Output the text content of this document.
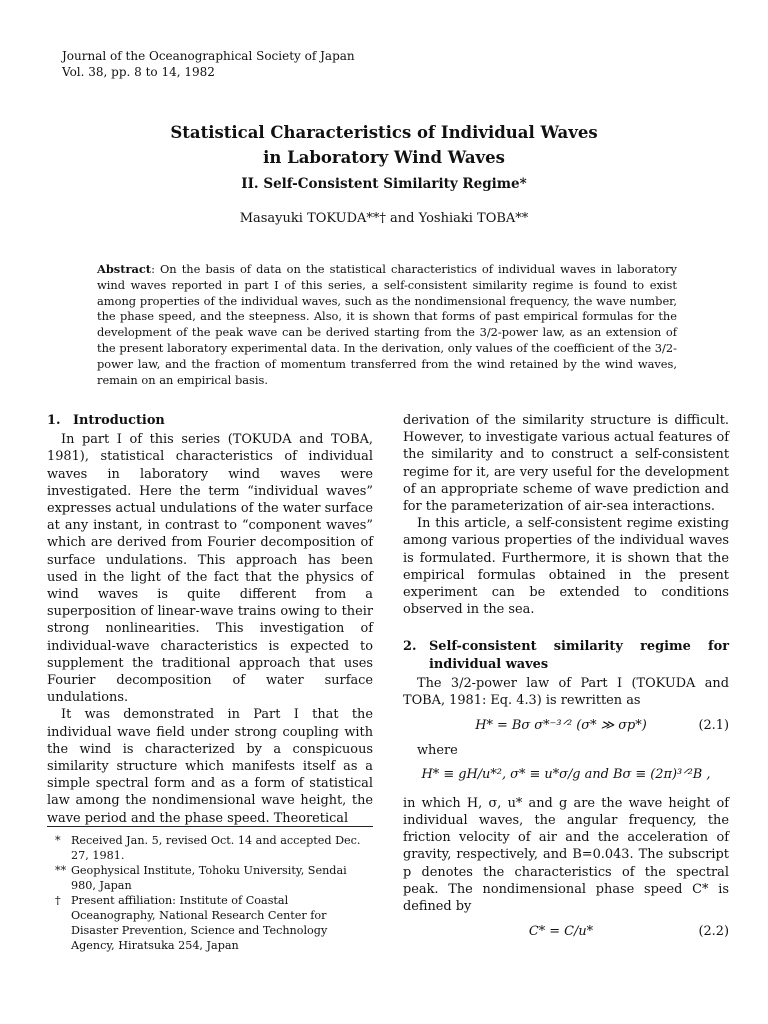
Journal of the Oceanographical Society of Japan
Vol. 38, pp. 8 to 14, 1982
Statistical Characteristics of Individual Waves
in Laboratory Wind Waves
II. Self-Consistent Similarity Regime*
Masayuki TOKUDA**† and Yoshiaki TOBA**
Abstract: On the basis of data on the statistical characteristics of individual waves in laboratory wind waves reported in part I of this series, a self-consistent similarity regime is found to exist among properties of the individual waves, such as the nondimensional frequency, the wave number, the phase speed, and the steepness. Also, it is shown that forms of past empirical formulas for the development of the peak wave can be derived starting from the 3/2-power law, as an extension of the present laboratory experimental data. In the derivation, only values of the coefficient of the 3/2-power law, and the fraction of momentum transferred from the wind retained by the wind waves, remain on an empirical basis.
1. Introduction

In part I of this series (TOKUDA and TOBA, 1981), statistical characteristics of individual waves in laboratory wind waves were investigated. Here the term “individual waves” expresses actual undulations of the water surface at any instant, in contrast to “component waves” which are derived from Fourier decomposition of surface undulations. This approach has been used in the light of the fact that the physics of wind waves is quite different from a superposition of linear-wave trains owing to their strong nonlinearities. This investigation of individual-wave characteristics is expected to supplement the traditional approach that uses Fourier decomposition of water surface undulations.

It was demonstrated in Part I that the individual wave field under strong coupling with the wind is characterized by a conspicuous similarity structure which manifests itself as a simple spectral form and as a form of statistical law among the nondimensional wave height, the wave period and the phase speed. Theoretical

* Received Jan. 5, revised Oct. 14 and accepted Dec. 27, 1981.
** Geophysical Institute, Tohoku University, Sendai 980, Japan
† Present affiliation: Institute of Coastal Oceanography, National Research Center for Disaster Prevention, Science and Technology Agency, Hiratsuka 254, Japan

derivation of the similarity structure is difficult. However, to investigate various actual features of the similarity and to construct a self-consistent regime for it, are very useful for the development of an appropriate scheme of wave prediction and for the parameterization of air-sea interactions.

In this article, a self-consistent regime existing among various properties of the individual waves is formulated. Furthermore, it is shown that the empirical formulas obtained in the present experiment can be extended to conditions observed in the sea.

2. Self-consistent similarity regime for individual waves

The 3/2-power law of Part I (TOKUDA and TOBA, 1981: Eq. 4.3) is rewritten as

H* = Bσ σ*⁻³ᐟ² (σ* ≫ σp*)	(2.1)

where

H* ≡ gH/u*², σ* ≡ u*σ/g and Bσ ≡ (2π)³ᐟ²B ,

in which H, σ, u* and g are the wave height of individual waves, the angular frequency, the friction velocity of air and the acceleration of gravity, respectively, and B=0.043. The subscript p denotes the characteristics of the spectral peak. The nondimensional phase speed C* is defined by

C* = C/u*	(2.2)
